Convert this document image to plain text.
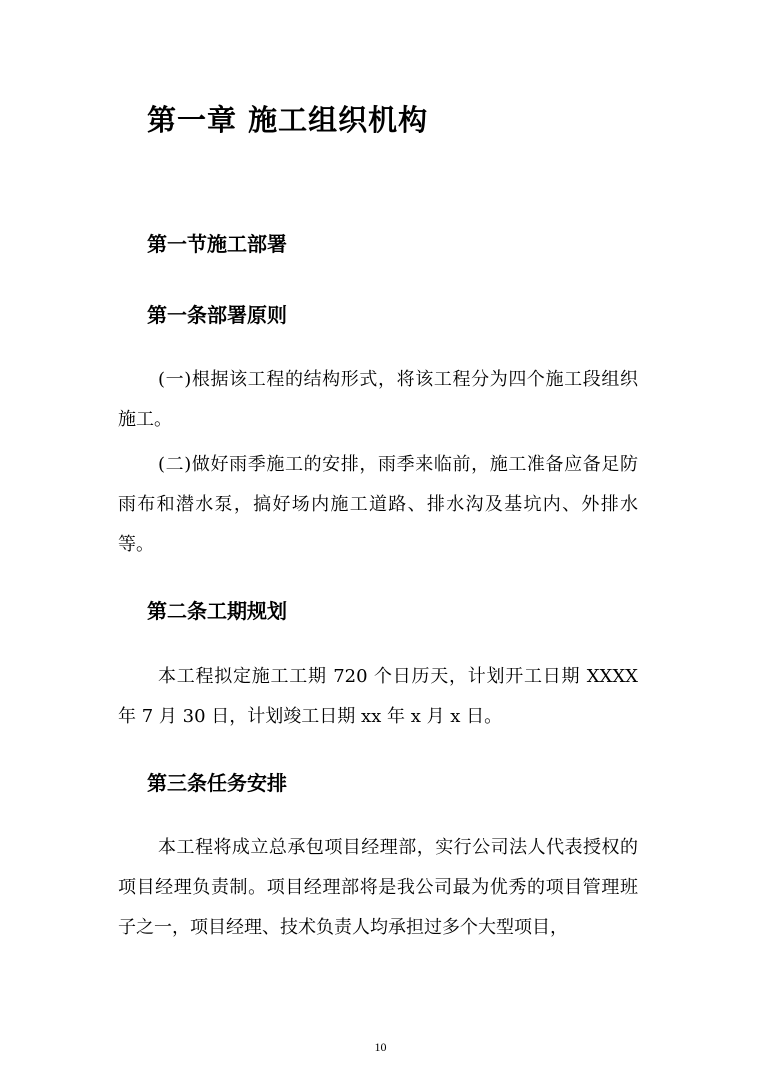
第一章 施工组织机构
第一节施工部署
第一条部署原则

(一)根据该工程的结构形式，将该工程分为四个施工段组织施工。

(二)做好雨季施工的安排，雨季来临前，施工准备应备足防雨布和潜水泵，搞好场内施工道路、排水沟及基坑内、外排水等。

第二条工期规划

本工程拟定施工工期 720 个日历天，计划开工日期 XXXX 年 7 月 30 日，计划竣工日期 xx 年 x 月 x 日。

第三条任务安排

本工程将成立总承包项目经理部，实行公司法人代表授权的项目经理负责制。项目经理部将是我公司最为优秀的项目管理班子之一，项目经理、技术负责人均承担过多个大型项目，

10
